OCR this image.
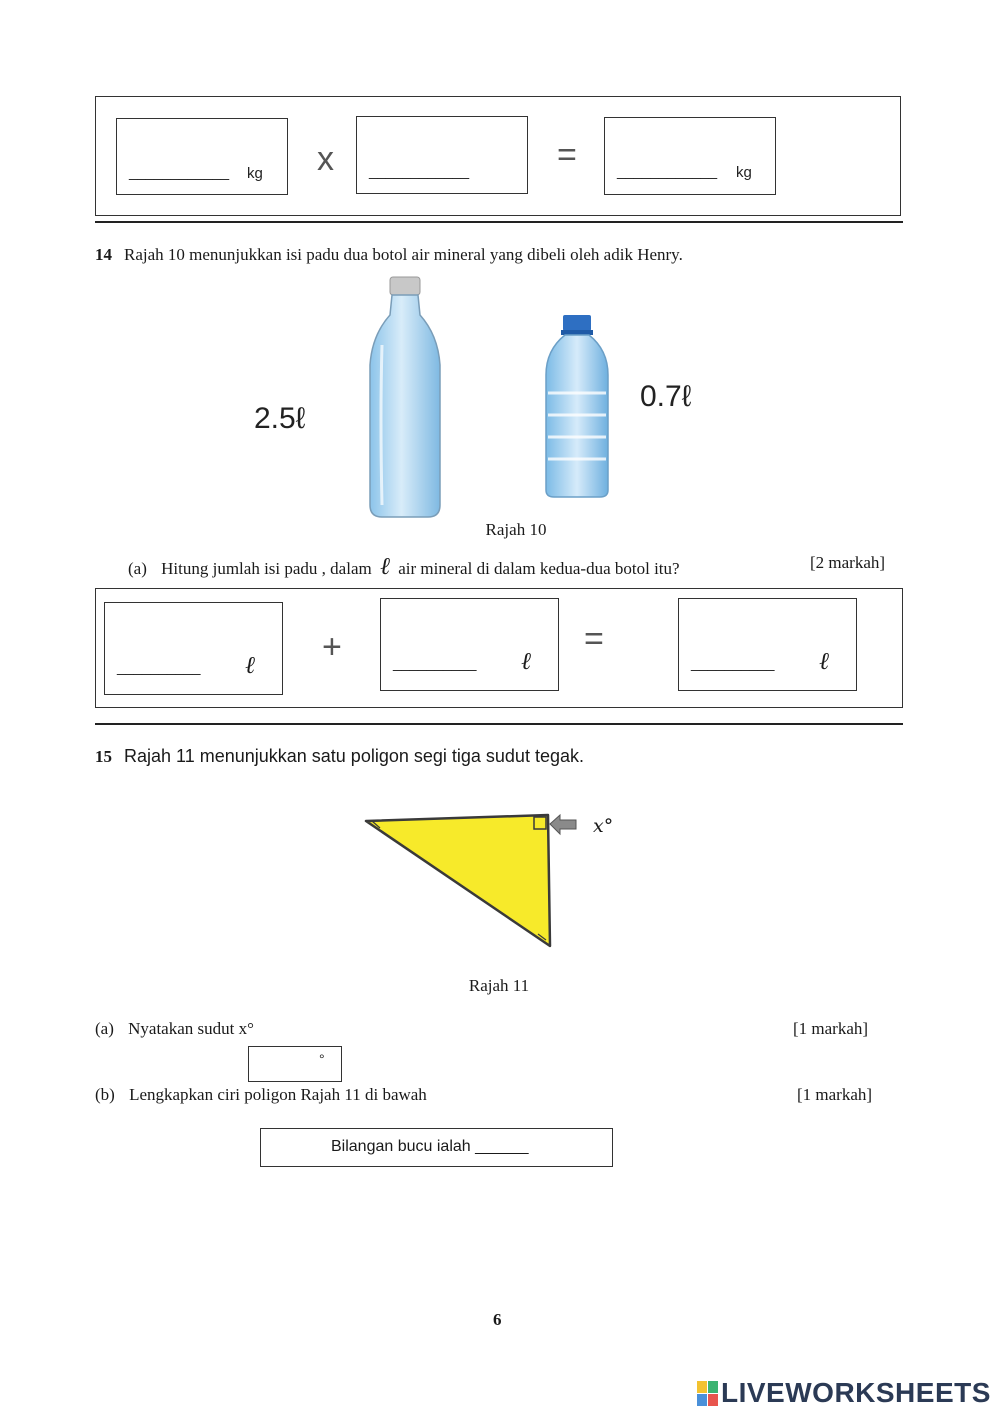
____________ kg x ____________	=	____________ kg
14 Rajah 10 menunjukkan isi padu dua botol air mineral yang dibeli oleh adik Henry.
2.5ℓ
0.7ℓ
Rajah 10
(a) Hitung jumlah isi padu , dalam ℓ air mineral di dalam kedua-dua botol itu?	[2 markah]
__________ ℓ +	__________ ℓ
=
__________ ℓ
15 Rajah 11 menunjukkan satu poligon segi tiga sudut tegak.
x°
Rajah 11
(a) Nyatakan sudut x°	[1 markah]
°
(b) Lengkapkan ciri poligon Rajah 11 di bawah	[1 markah]
Bilangan bucu ialah ______
6
LIVEWORKSHEETS
